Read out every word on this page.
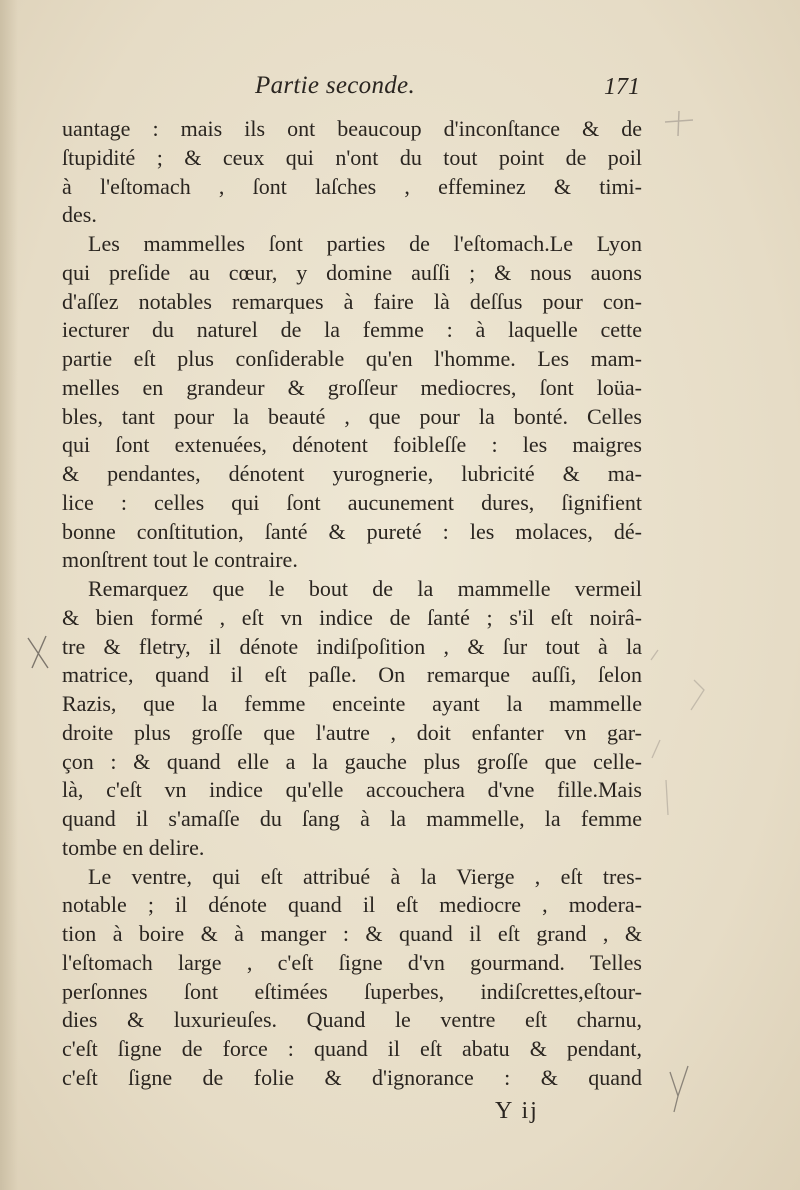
Partie seconde.	171
uantage : mais ils ont beaucoup d'inconſtance & de
ſtupidité ; & ceux qui n'ont du tout point de poil
à l'eſtomach , ſont laſches , effeminez & timi-
des.
Les mammelles ſont parties de l'eſtomach.Le Lyon
qui preſide au cœur, y domine auſſi ; & nous auons
d'aſſez notables remarques à faire là deſſus pour con-
iecturer du naturel de la femme : à laquelle cette
partie eſt plus conſiderable qu'en l'homme. Les mam-
melles en grandeur & groſſeur mediocres, ſont loüa-
bles, tant pour la beauté , que pour la bonté. Celles
qui ſont extenuées, dénotent foibleſſe : les maigres
& pendantes, dénotent yurognerie, lubricité & ma-
lice : celles qui ſont aucunement dures, ſignifient
bonne conſtitution, ſanté & pureté : les molaces, dé-
monſtrent tout le contraire.
Remarquez que le bout de la mammelle vermeil
& bien formé , eſt vn indice de ſanté ; s'il eſt noirâ-
tre & fletry, il dénote indiſpoſition , & ſur tout à la
matrice, quand il eſt paſle. On remarque auſſi, ſelon
Razis, que la femme enceinte ayant la mammelle
droite plus groſſe que l'autre , doit enfanter vn gar-
çon : & quand elle a la gauche plus groſſe que celle-
là, c'eſt vn indice qu'elle accouchera d'vne fille.Mais
quand il s'amaſſe du ſang à la mammelle, la femme
tombe en delire.
Le ventre, qui eſt attribué à la Vierge , eſt tres-
notable ; il dénote quand il eſt mediocre , modera-
tion à boire & à manger : & quand il eſt grand , &
l'eſtomach large , c'eſt ſigne d'vn gourmand. Telles
perſonnes ſont eſtimées ſuperbes, indiſcrettes,eſtour-
dies & luxurieuſes. Quand le ventre eſt charnu,
c'eſt ſigne de force : quand il eſt abatu & pendant,
c'eſt ſigne de folie & d'ignorance : & quand
Y ij
